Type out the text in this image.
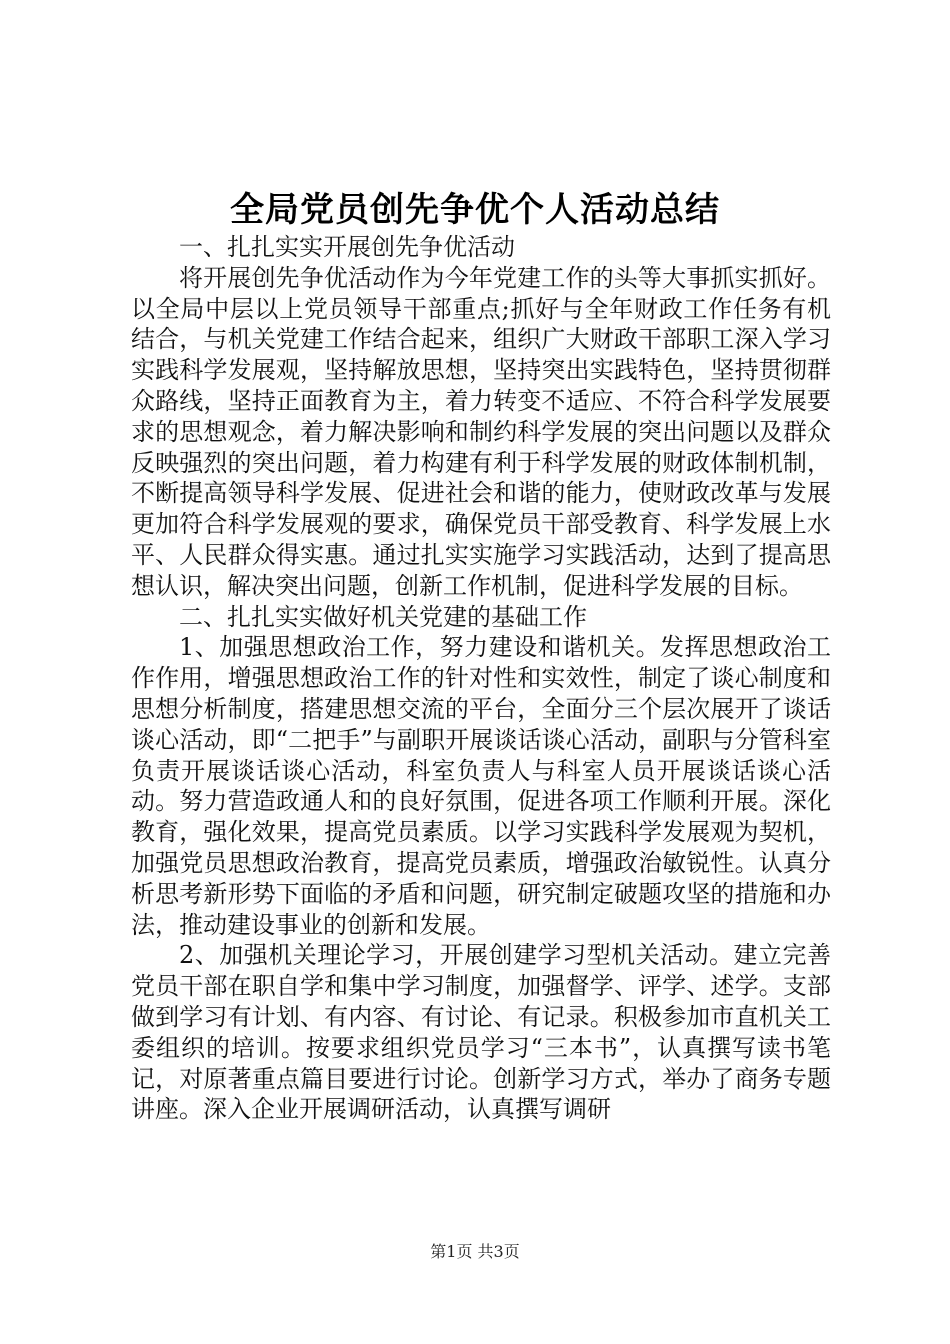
全局党员创先争优个人活动总结

一、扎扎实实开展创先争优活动

将开展创先争优活动作为今年党建工作的头等大事抓实抓好。以全局中层以上党员领导干部重点;抓好与全年财政工作任务有机结合，与机关党建工作结合起来，组织广大财政干部职工深入学习实践科学发展观，坚持解放思想，坚持突出实践特色，坚持贯彻群众路线，坚持正面教育为主，着力转变不适应、不符合科学发展要求的思想观念，着力解决影响和制约科学发展的突出问题以及群众反映强烈的突出问题，着力构建有利于科学发展的财政体制机制，不断提高领导科学发展、促进社会和谐的能力，使财政改革与发展更加符合科学发展观的要求，确保党员干部受教育、科学发展上水平、人民群众得实惠。通过扎实实施学习实践活动，达到了提高思想认识，解决突出问题，创新工作机制，促进科学发展的目标。

二、扎扎实实做好机关党建的基础工作

1、加强思想政治工作，努力建设和谐机关。发挥思想政治工作作用，增强思想政治工作的针对性和实效性，制定了谈心制度和思想分析制度，搭建思想交流的平台，全面分三个层次展开了谈话谈心活动，即“二把手”与副职开展谈话谈心活动，副职与分管科室负责开展谈话谈心活动，科室负责人与科室人员开展谈话谈心活动。努力营造政通人和的良好氛围，促进各项工作顺利开展。深化教育，强化效果，提高党员素质。以学习实践科学发展观为契机，加强党员思想政治教育，提高党员素质，增强政治敏锐性。认真分析思考新形势下面临的矛盾和问题，研究制定破题攻坚的措施和办法，推动建设事业的创新和发展。

2、加强机关理论学习，开展创建学习型机关活动。建立完善党员干部在职自学和集中学习制度，加强督学、评学、述学。支部做到学习有计划、有内容、有讨论、有记录。积极参加市直机关工委组织的培训。按要求组织党员学习“三本书”，认真撰写读书笔记，对原著重点篇目要进行讨论。创新学习方式，举办了商务专题讲座。深入企业开展调研活动，认真撰写调研

第1页 共3页
